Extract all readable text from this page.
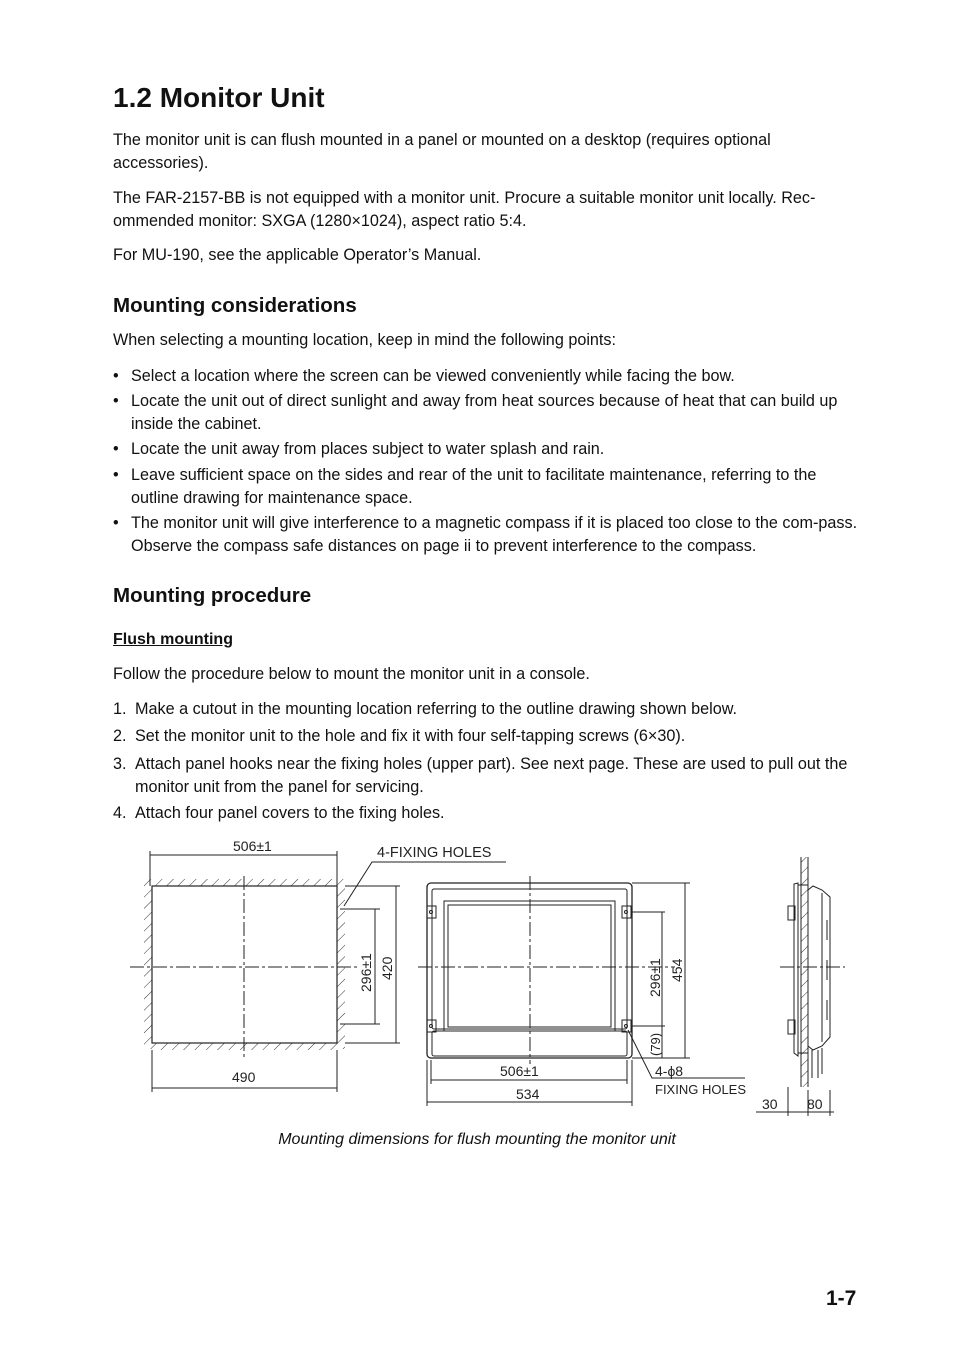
1.2 Monitor Unit

The monitor unit is can flush mounted in a panel or mounted on a desktop (requires optional accessories).

The FAR-2157-BB is not equipped with a monitor unit. Procure a suitable monitor unit locally. Rec-ommended monitor: SXGA (1280×1024), aspect ratio 5:4.

For MU-190, see the applicable Operator’s Manual.

Mounting considerations

When selecting a mounting location, keep in mind the following points:

• Select a location where the screen can be viewed conveniently while facing the bow.
• Locate the unit out of direct sunlight and away from heat sources because of heat that can build up inside the cabinet.
• Locate the unit away from places subject to water splash and rain.
• Leave sufficient space on the sides and rear of the unit to facilitate maintenance, referring to the outline drawing for maintenance space.
• The monitor unit will give interference to a magnetic compass if it is placed too close to the com-pass. Observe the compass safe distances on page ii to prevent interference to the compass.
Mounting procedure
Flush mounting

Follow the procedure below to mount the monitor unit in a console.

1. Make a cutout in the mounting location referring to the outline drawing shown below.
2. Set the monitor unit to the hole and fix it with four self-tapping screws (6×30).
3. Attach panel hooks near the fixing holes (upper part). See next page. These are used to pull out the monitor unit from the panel for servicing.
4. Attach four panel covers to the fixing holes.
506±1	4-FIXING HOLES
490
296±1 420	296±1 454
(79)
506±1
534
4-ϕ8
FIXING HOLES
30 80
Mounting dimensions for flush mounting the monitor unit
1-7
